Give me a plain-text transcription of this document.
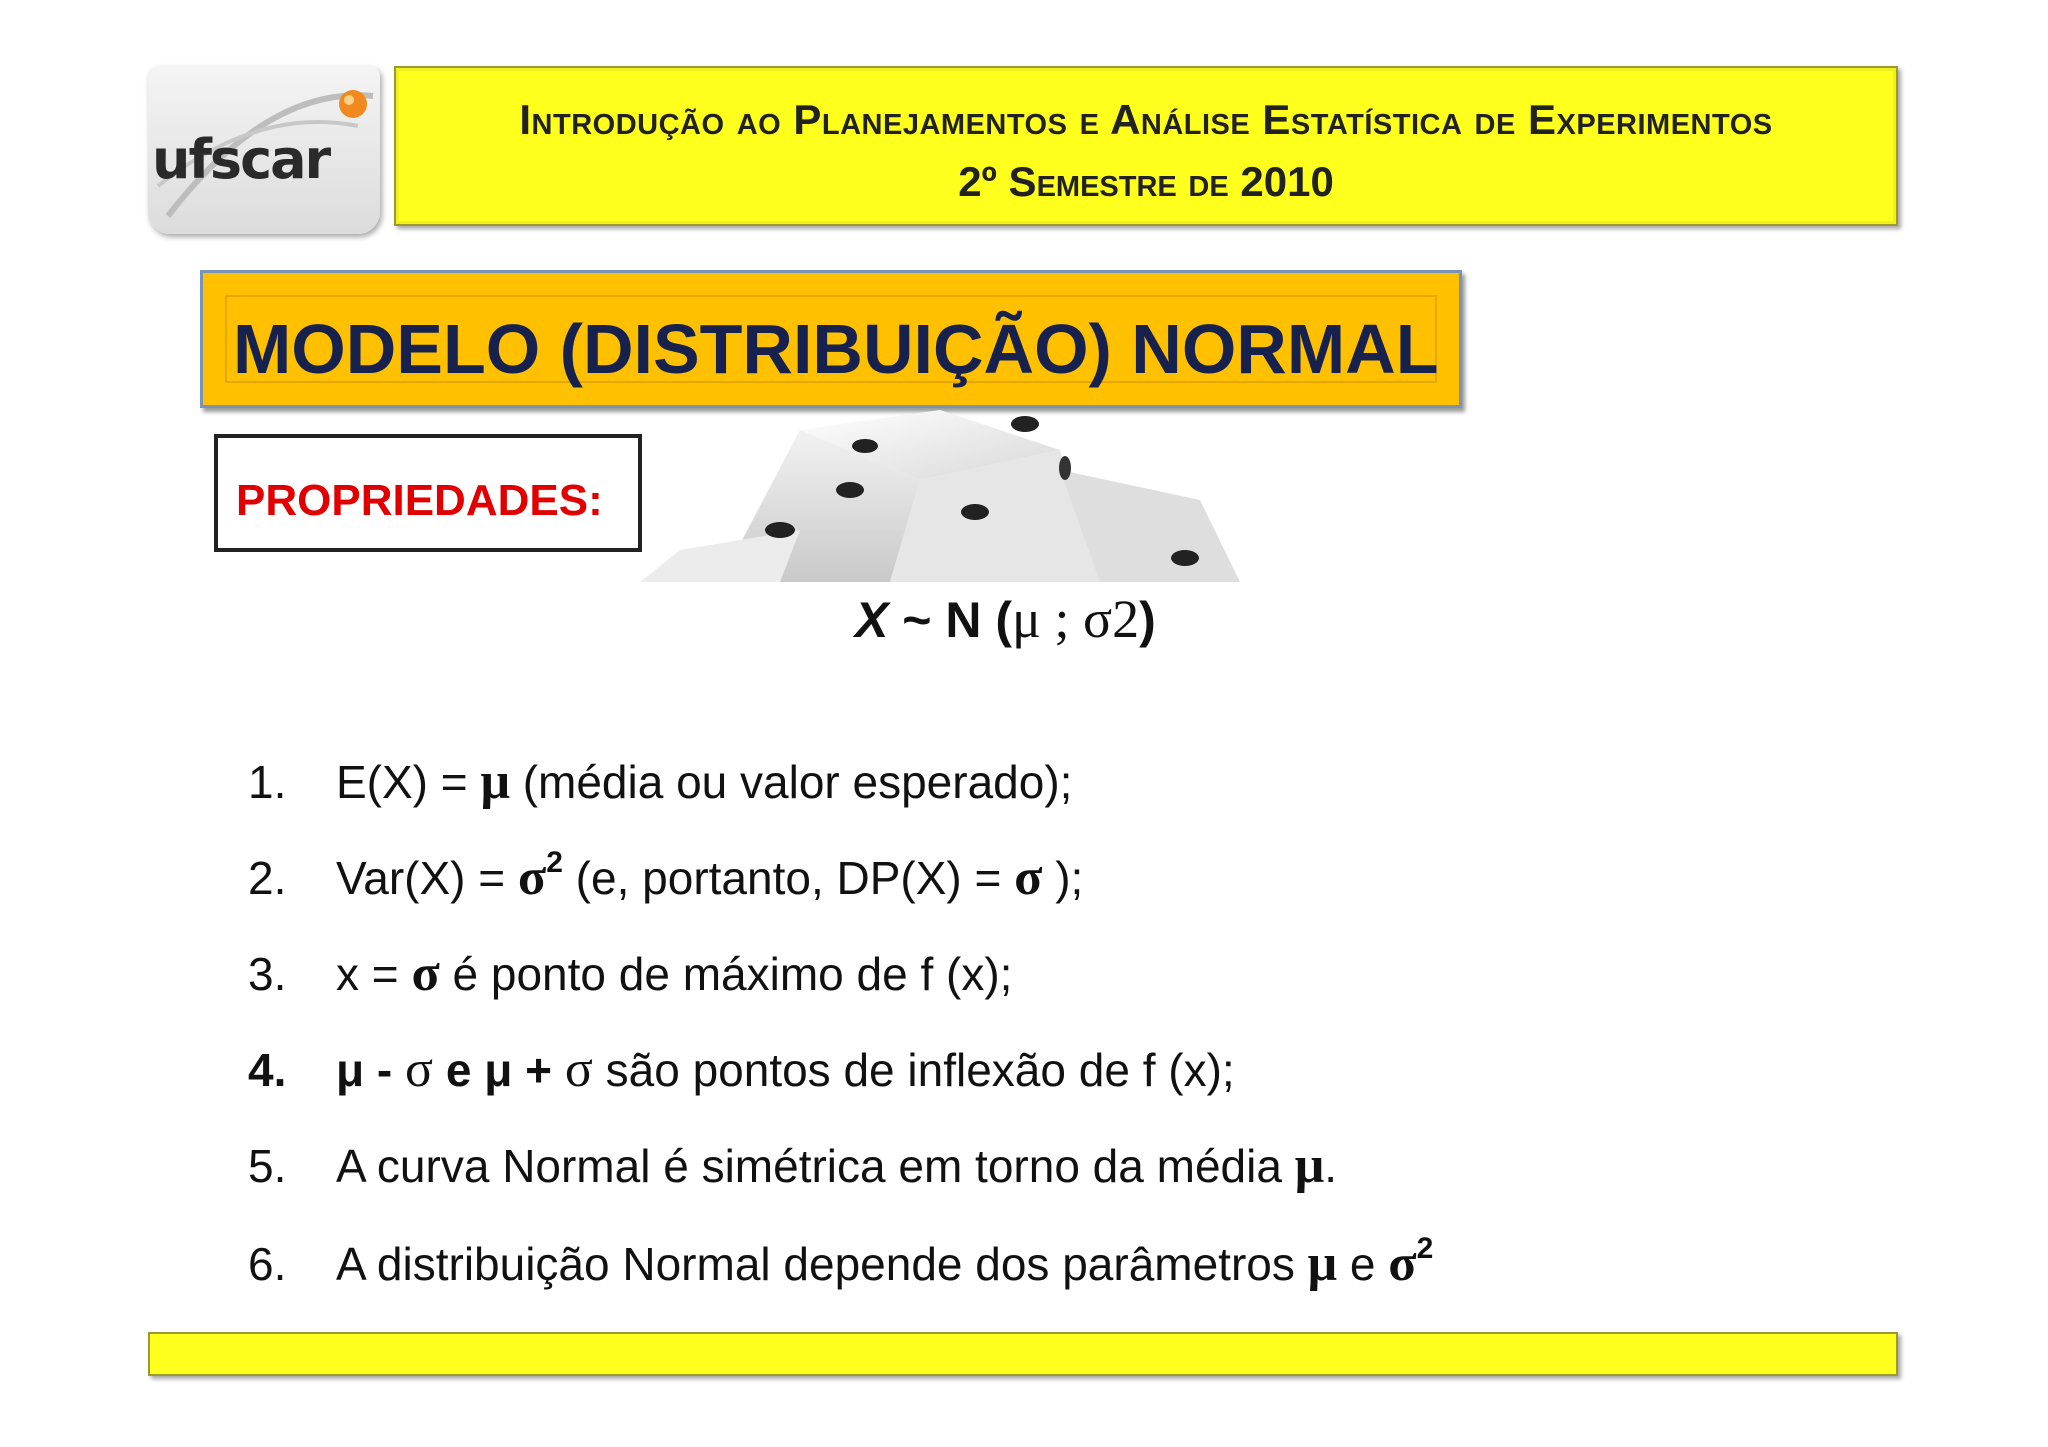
ufscar
Introdução ao Planejamentos e Análise Estatística de Experimentos
2º Semestre de 2010
MODELO (DISTRIBUIÇÃO) NORMAL
PROPRIEDADES:
X ~ N (μ ; σ2)
1. E(X) = μ (média ou valor esperado);
2. $Var(X) = \sigma^2$ (e, portanto, DP(X) = σ );
3. x = σ é ponto de máximo de f (x);
4. μ - σ e μ + σ são pontos de inflexão de f (x);
5. A curva Normal é simétrica em torno da média μ.
6. A distribuição Normal depende dos parâmetros μ e $\sigma^2$
